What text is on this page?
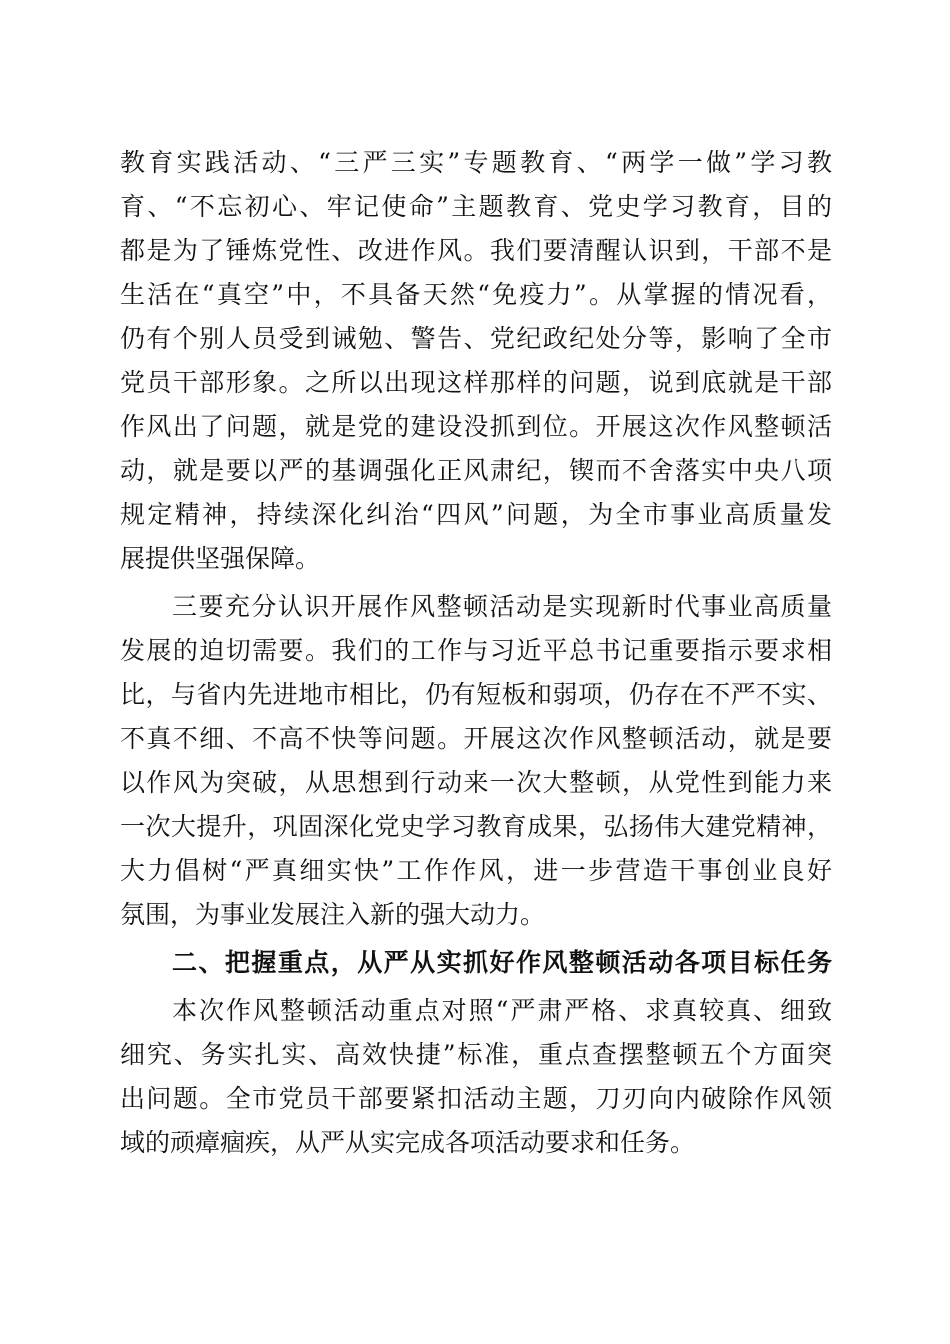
教育实践活动、“三严三实”专题教育、“两学一做”学习教
育、“不忘初心、牢记使命”主题教育、党史学习教育，目的
都是为了锤炼党性、改进作风。我们要清醒认识到，干部不是
生活在“真空”中，不具备天然“免疫力”。从掌握的情况看，
仍有个别人员受到诫勉、警告、党纪政纪处分等，影响了全市
党员干部形象。之所以出现这样那样的问题，说到底就是干部
作风出了问题，就是党的建设没抓到位。开展这次作风整顿活
动，就是要以严的基调强化正风肃纪，锲而不舍落实中央八项
规定精神，持续深化纠治“四风”问题，为全市事业高质量发
展提供坚强保障。
三要充分认识开展作风整顿活动是实现新时代事业高质量
发展的迫切需要。我们的工作与习近平总书记重要指示要求相
比，与省内先进地市相比，仍有短板和弱项，仍存在不严不实、
不真不细、不高不快等问题。开展这次作风整顿活动，就是要
以作风为突破，从思想到行动来一次大整顿，从党性到能力来
一次大提升，巩固深化党史学习教育成果，弘扬伟大建党精神，
大力倡树“严真细实快”工作作风，进一步营造干事创业良好
氛围，为事业发展注入新的强大动力。
二、把握重点，从严从实抓好作风整顿活动各项目标任务
本次作风整顿活动重点对照“严肃严格、求真较真、细致
细究、务实扎实、高效快捷”标准，重点查摆整顿五个方面突
出问题。全市党员干部要紧扣活动主题，刀刃向内破除作风领
域的顽瘴痼疾，从严从实完成各项活动要求和任务。
